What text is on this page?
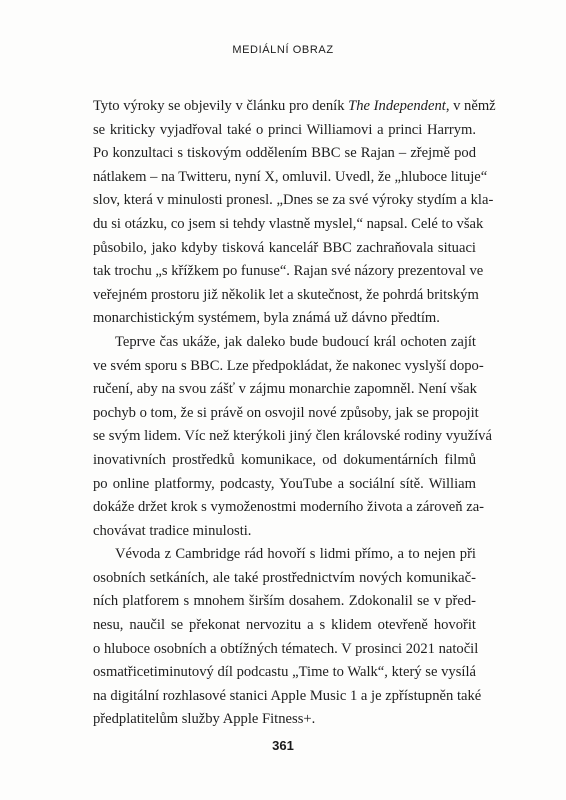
MEDIÁLNÍ OBRAZ

Tyto výroky se objevily v článku pro deník The Independent, v němž
se kriticky vyjadřoval také o princi Williamovi a princi Harrym.
Po konzultaci s tiskovým oddělením BBC se Rajan – zřejmě pod
nátlakem – na Twitteru, nyní X, omluvil. Uvedl, že „hluboce lituje“
slov, která v minulosti pronesl. „Dnes se za své výroky stydím a kla-
du si otázku, co jsem si tehdy vlastně myslel,“ napsal. Celé to však
působilo, jako kdyby tisková kancelář BBC zachraňovala situaci
tak trochu „s křížkem po funuse“. Rajan své názory prezentoval ve
veřejném prostoru již několik let a skutečnost, že pohrdá britským
monarchistickým systémem, byla známá už dávno předtím.

Teprve čas ukáže, jak daleko bude budoucí král ochoten zajít
ve svém sporu s BBC. Lze předpokládat, že nakonec vyslyší dopo-
ručení, aby na svou zášť v zájmu monarchie zapomněl. Není však
pochyb o tom, že si právě on osvojil nové způsoby, jak se propojit
se svým lidem. Víc než kterýkoli jiný člen královské rodiny využívá
inovativních prostředků komunikace, od dokumentárních filmů
po online platformy, podcasty, YouTube a sociální sítě. William
dokáže držet krok s vymoženostmi moderního života a zároveň za-
chovávat tradice minulosti.

Vévoda z Cambridge rád hovoří s lidmi přímo, a to nejen při
osobních setkáních, ale také prostřednictvím nových komunikač-
ních platforem s mnohem širším dosahem. Zdokonalil se v před-
nesu, naučil se překonat nervozitu a s klidem otevřeně hovořit
o hluboce osobních a obtížných tématech. V prosinci 2021 natočil
osmatřicetiminutový díl podcastu „Time to Walk“, který se vysílá
na digitální rozhlasové stanici Apple Music 1 a je zpřístupněn také
předplatitelům služby Apple Fitness+.

361
